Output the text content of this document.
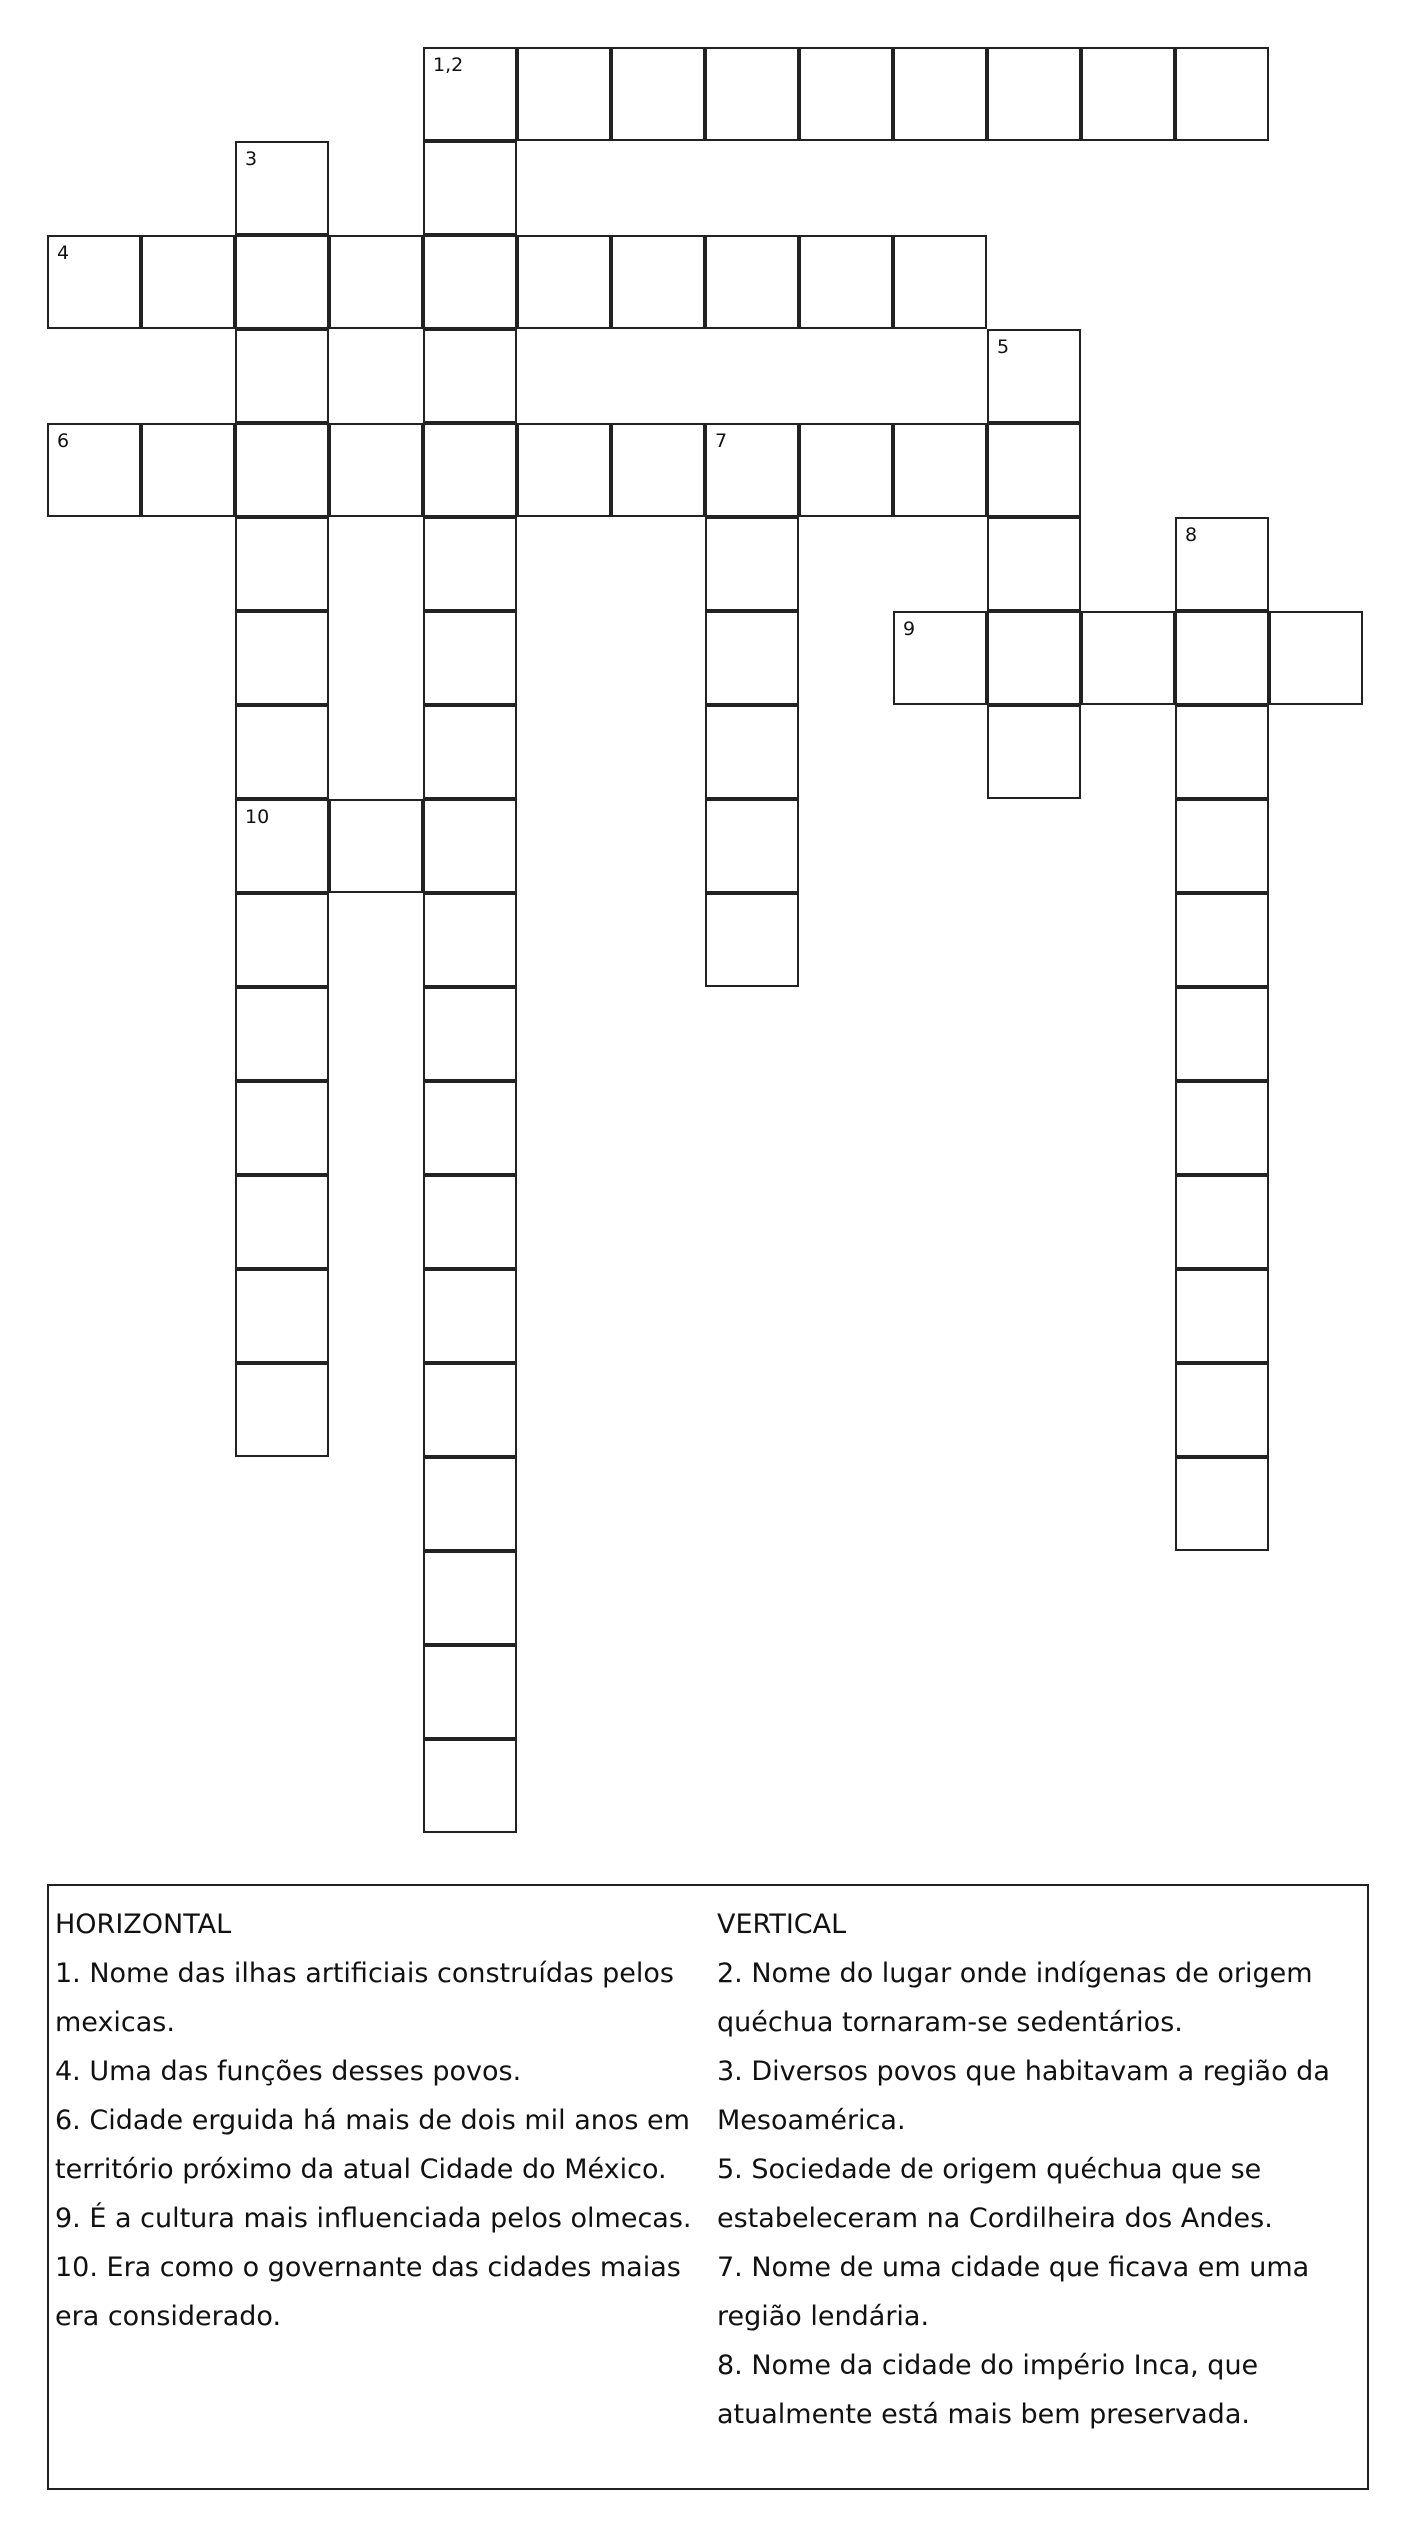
1,2
3
10
4
5
6	7
8
9

HORIZONTAL

1. Nome das ilhas artificiais construídas pelos mexicas.

4. Uma das funções desses povos.

6. Cidade erguida há mais de dois mil anos em território próximo da atual Cidade do México.

9. É a cultura mais influenciada pelos olmecas.

10. Era como o governante das cidades maias era considerado.

VERTICAL

2. Nome do lugar onde indígenas de origem quéchua tornaram-se sedentários.

3. Diversos povos que habitavam a região da Mesoamérica.

5. Sociedade de origem quéchua que se estabeleceram na Cordilheira dos Andes.

7. Nome de uma cidade que ficava em uma região lendária.

8. Nome da cidade do império Inca, que atualmente está mais bem preservada.
